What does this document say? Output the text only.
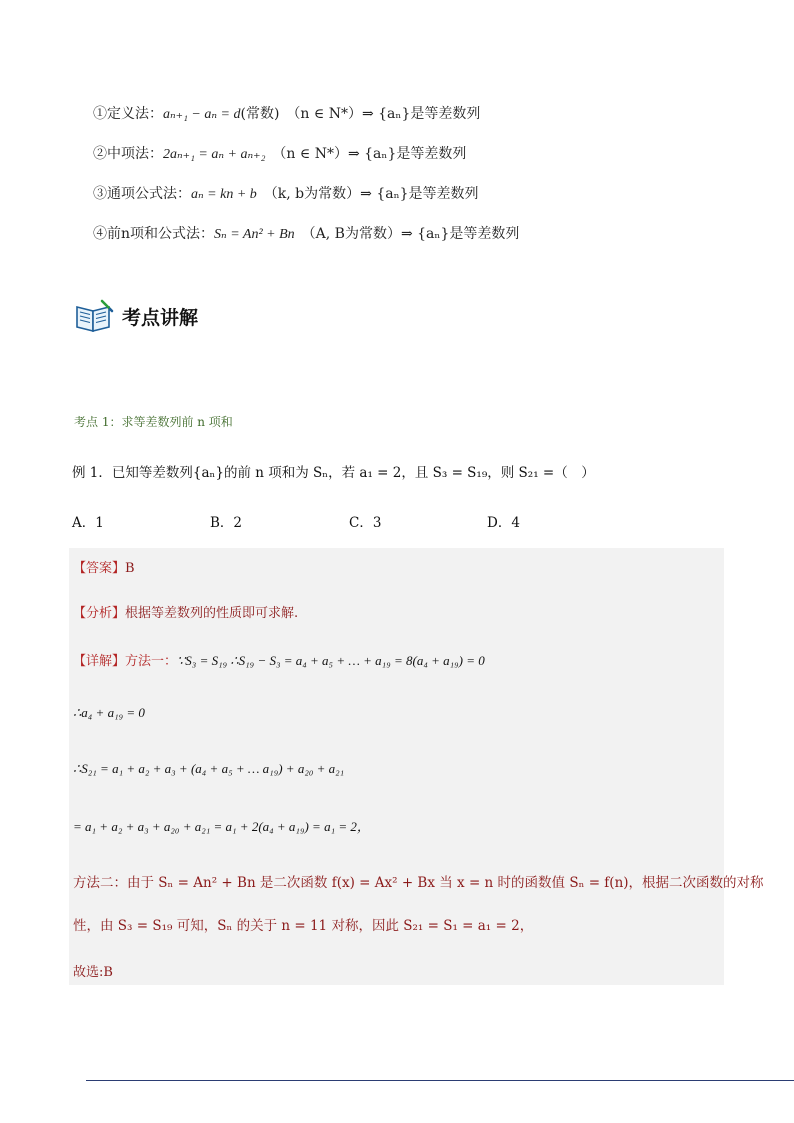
①定义法：aₙ₊₁ − aₙ = d(常数)　（n ∈ N*）⇒ {aₙ}是等差数列
②中项法：2aₙ₊₁ = aₙ + aₙ₊₂　（n ∈ N*）⇒ {aₙ}是等差数列
③通项公式法：aₙ = kn + b　（k, b为常数）⇒ {aₙ}是等差数列
④前n项和公式法：Sₙ = An² + Bn　（A, B为常数）⇒ {aₙ}是等差数列
考点讲解
考点 1：求等差数列前 n 项和
例 1．已知等差数列{aₙ}的前 n 项和为 Sₙ，若 a₁ = 2，且 S₃ = S₁₉，则 S₂₁ =（　）
A．1	B．2	C．3	D．4
【答案】B
【分析】根据等差数列的性质即可求解.
【详解】方法一：∵S₃ = S₁₉ ∴S₁₉ − S₃ = a₄ + a₅ + … + a₁₉ = 8(a₄ + a₁₉) = 0
∴a₄ + a₁₉ = 0
∴S₂₁ = a₁ + a₂ + a₃ + (a₄ + a₅ + … a₁₉) + a₂₀ + a₂₁
= a₁ + a₂ + a₃ + a₂₀ + a₂₁ = a₁ + 2(a₄ + a₁₉) = a₁ = 2，
方法二：由于 Sₙ = An² + Bn 是二次函数 f(x) = Ax² + Bx 当 x = n 时的函数值 Sₙ = f(n)，根据二次函数的对称
性，由 S₃ = S₁₉ 可知，Sₙ 的关于 n = 11 对称，因此 S₂₁ = S₁ = a₁ = 2，
故选:B
